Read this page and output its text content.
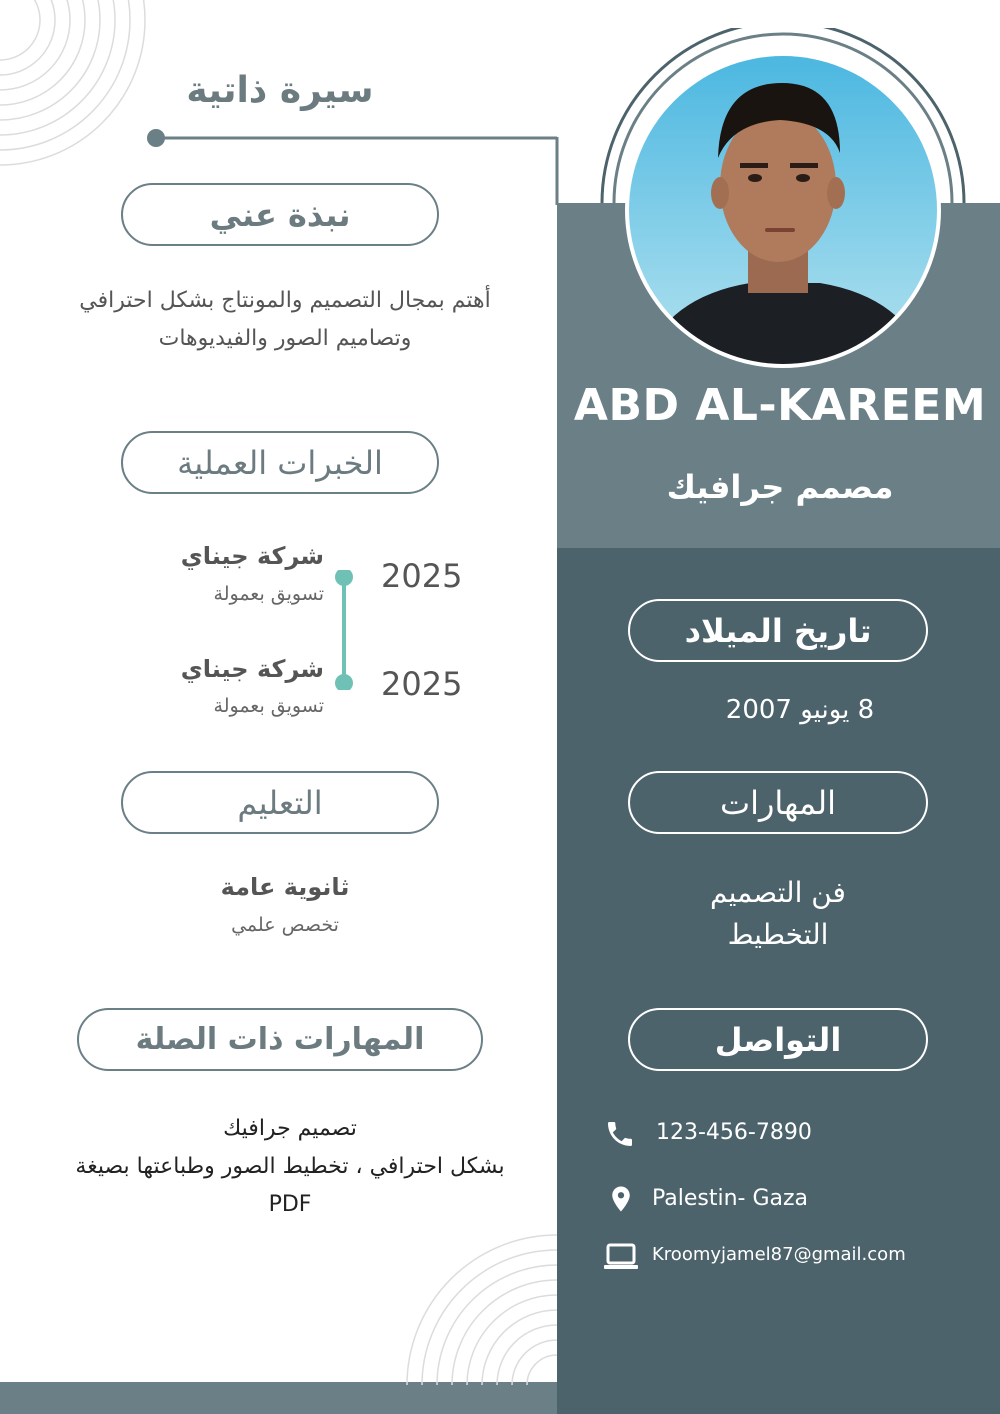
سيرة ذاتية
ABD AL-KAREEM
مصمم جرافيك
نبذة عني
أهتم بمجال التصميم والمونتاج بشكل احترافي
وتصاميم الصور والفيديوهات
الخبرات العملية
شركة جيناي
تسويق بعمولة 2025
شركة جيناي
تسويق بعمولة
2025
التعليم
ثانوية عامة
تخصص علمي
المهارات ذات الصلة
تصميم جرافيك
بشكل احترافي ، تخطيط الصور وطباعتها بصيغة
PDF
تاريخ الميلاد
8 يونيو 2007
المهارات
فن التصميم
التخطيط
التواصل
123-456-7890
Palestin- Gaza
Kroomyjamel87@gmail.com
